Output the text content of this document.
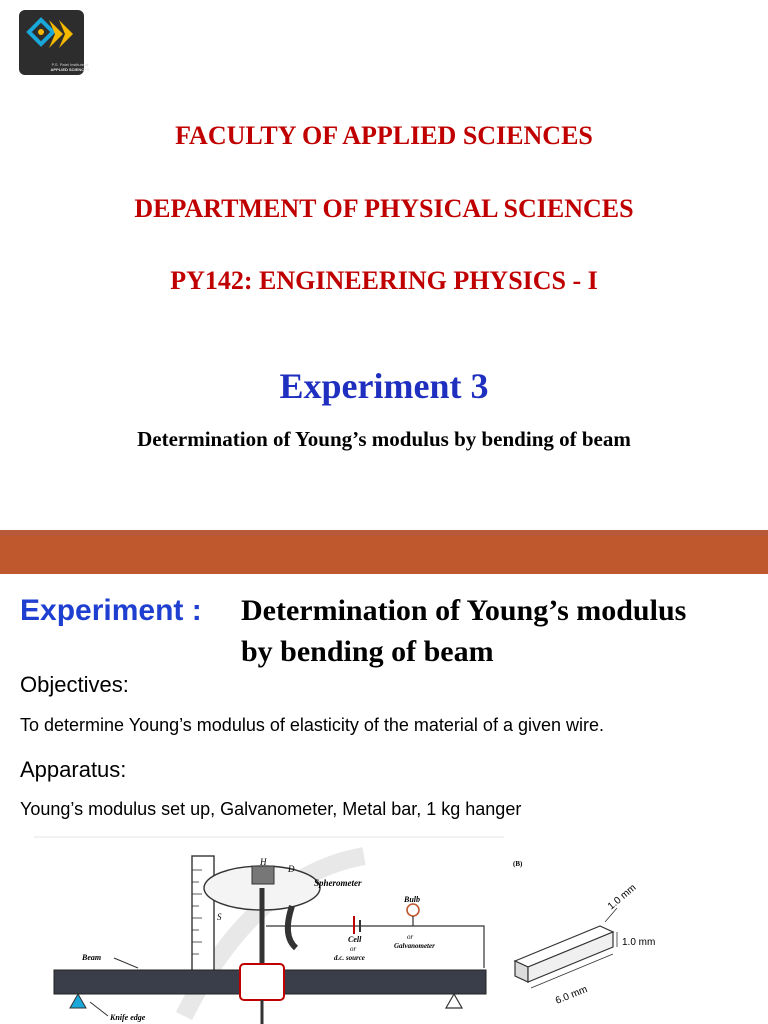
P.S. Patel Institute of
APPLIED SCIENCES
FACULTY OF APPLIED SCIENCES
DEPARTMENT OF PHYSICAL SCIENCES
PY142: ENGINEERING PHYSICS - I
Experiment 3
Determination of Young’s modulus by bending of beam
Experiment : Determination of Young’s modulus
by bending of beam
Objectives:
To determine Young’s modulus of elasticity of the material of a given wire.
Apparatus:
Young’s modulus set up, Galvanometer, Metal bar, 1 kg hanger
S
H
D
Spherometer
Bulb
or
Galvanometer
Cell
or
d.c. source
Beam
Knife edge
(B)
1.0 mm
1.0 mm
6.0 mm
